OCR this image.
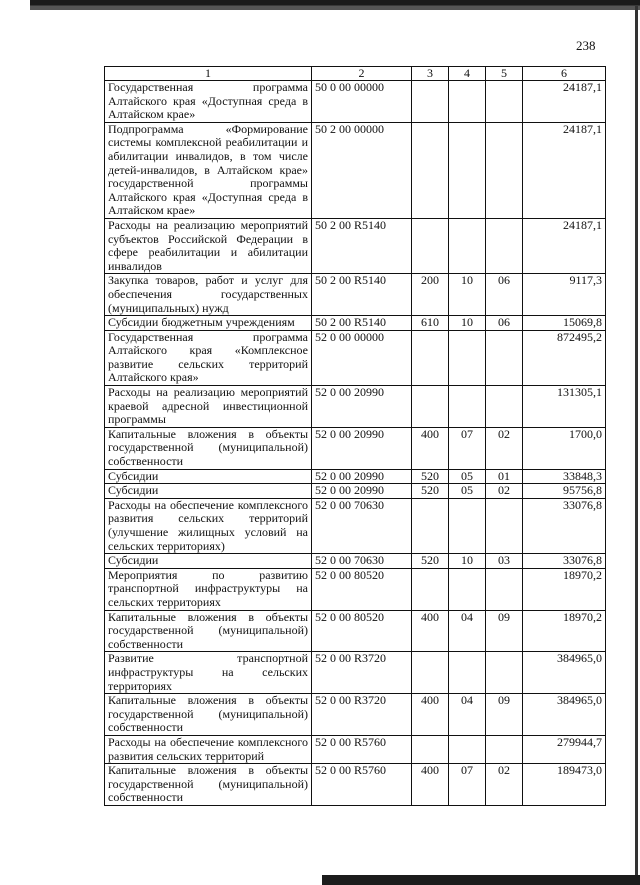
238
1	2	3	4	5	6
Государственная программа Алтайского края «Доступная среда в Алтайском крае»	50 0 00 00000				24187,1
Подпрограмма «Формирование системы комплексной реабилитации и абилитации инвалидов, в том числе детей-инвалидов, в Алтайском крае» государственной программы Алтайского края «Доступная среда в Алтайском крае»	50 2 00 00000				24187,1
Расходы на реализацию мероприятий субъектов Российской Федерации в сфере реабилитации и абилитации инвалидов	50 2 00 R5140				24187,1
Закупка товаров, работ и услуг для обеспечения государственных (муниципальных) нужд	50 2 00 R5140	200	10	06	9117,3
Субсидии бюджетным учреждениям	50 2 00 R5140	610	10	06	15069,8
Государственная программа Алтайского края «Комплексное развитие сельских территорий Алтайского края»	52 0 00 00000				872495,2
Расходы на реализацию мероприятий краевой адресной инвестиционной программы	52 0 00 20990				131305,1
Капитальные вложения в объекты государственной (муниципальной) собственности	52 0 00 20990	400	07	02	1700,0
Субсидии	52 0 00 20990	520	05	01	33848,3
Субсидии	52 0 00 20990	520	05	02	95756,8
Расходы на обеспечение комплексного развития сельских территорий (улучшение жилищных условий на сельских территориях)	52 0 00 70630				33076,8
Субсидии	52 0 00 70630	520	10	03	33076,8
Мероприятия по развитию транспортной инфраструктуры на сельских территориях	52 0 00 80520				18970,2
Капитальные вложения в объекты государственной (муниципальной) собственности	52 0 00 80520	400	04	09	18970,2
Развитие транспортной инфраструктуры на сельских территориях	52 0 00 R3720				384965,0
Капитальные вложения в объекты государственной (муниципальной) собственности	52 0 00 R3720	400	04	09	384965,0
Расходы на обеспечение комплексного развития сельских территорий	52 0 00 R5760				279944,7
Капитальные вложения в объекты государственной (муниципальной) собственности	52 0 00 R5760	400	07	02	189473,0
